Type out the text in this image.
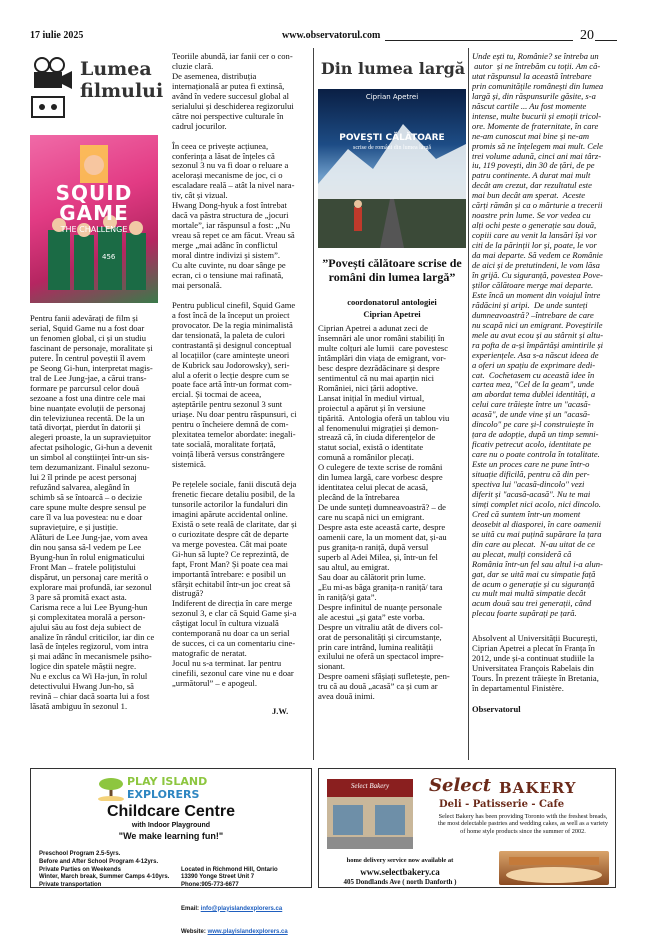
17 iulie 2025	www.observatorul.com	20
Lumea
filmului
SQUID
GAME
THE CHALLENGE
456

Pentru fanii adevărați de film și

serial, Squid Game nu a fost doar

un fenomen global, ci și un studiu

fascinant de personaje, moralitate și

putere. În centrul poveștii îl avem

pe Seong Gi-hun, interpretat magis-

tral de Lee Jung-jae, a cărui trans-

formare pe parcursul celor două

sezoane a fost una dintre cele mai

bine nuanțate evoluții de personaj

din televiziunea recentă. De la un

tată divorțat, pierdut în datorii și

alegeri proaste, la un supraviețuitor

afectat psihologic, Gi-hun a devenit

un simbol al conștiinței într-un sis-

tem dezumanizant. Finalul sezonu-

lui 2 îl prinde pe acest personaj

refuzând salvarea, alegând în

schimb să se întoarcă – o decizie

care spune multe despre sensul pe

care îl va lua povestea: nu e doar

supraviețuire, e și justiție.

Alături de Lee Jung-jae, vom avea

din nou șansa să-l vedem pe Lee

Byung-hun în rolul enigmaticului

Front Man – fratele polițistului

dispărut, un personaj care merită o

explorare mai profundă, iar sezonul

3 pare să promită exact asta.

Carisma rece a lui Lee Byung-hun

și complexitatea morală a person-

ajului său au fost deja subiect de

analize în rândul criticilor, iar din ce

lasă de înțeles regizorul, vom intra

și mai adânc în mecanismele psiho-

logice din spatele măștii negre.

Nu e exclus ca Wi Ha-jun, în rolul

detectivului Hwang Jun-ho, să

revină – chiar dacă soarta lui a fost

lăsată ambiguu în sezonul 1.

Teoriile abundă, iar fanii cer o con-

cluzie clară.

De asemenea, distribuția

internațională ar putea fi extinsă,

având în vedere succesul global al

serialului și deschiderea regizorului

către noi perspective culturale în

cadrul jocurilor.

În ceea ce privește acțiunea,

conferința a lăsat de înțeles că

sezonul 3 nu va fi doar o reluare a

acelorași mecanisme de joc, ci o

escaladare reală – atât la nivel nara-

tiv, cât și vizual.

Hwang Dong-hyuk a fost întrebat

dacă va păstra structura de „jocuri

mortale”, iar răspunsul a fost: ,,Nu

vreau să repet ce am făcut. Vreau să

merge „mai adânc în conflictul

moral dintre indivizi și sistem”.

Cu alte cuvinte, nu doar sânge pe

ecran, ci o tensiune mai rafinată,

mai personală.

Pentru publicul cinefil, Squid Game

a fost încă de la început un proiect

provocator. De la regia minimalistă

dar tensionată, la paleta de culori

contrastantă și designul conceptual

al locațiilor (care amintește uneori

de Kubrick sau Jodorowsky), seri-

alul a oferit o lecție despre cum se

poate face artă într-un format com-

ercial. Și tocmai de aceea,

așteptările pentru sezonul 3 sunt

uriașe. Nu doar pentru răspunsuri, ci

pentru o încheiere demnă de com-

plexitatea temelor abordate: inegali-

tate socială, moralitate forțată,

voință liberă versus constrângere

sistemică.

Pe rețelele sociale, fanii discută deja

frenetic fiecare detaliu posibil, de la

tunsorile actorilor la fundaluri din

imagini apărute accidental online.

Există o sete reală de claritate, dar și

o curiozitate despre cât de departe

va merge povestea. Cât mai poate

Gi-hun să lupte? Ce reprezintă, de

fapt, Front Man? Și poate cea mai

importantă întrebare: e posibil un

sfârșit echitabil într-un joc creat să

distrugă?

Indiferent de direcția în care merge

sezonul 3, e clar că Squid Game și-a

câștigat locul în cultura vizuală

contemporană nu doar ca un serial

de succes, ci ca un comentariu cine-

matografic de neratat.

Jocul nu s-a terminat. Iar pentru

cinefili, sezonul care vine nu e doar

„următorul” – e apogeul.

J.W.
Din lumea largă
Ciprian Apetrei
POVEȘTI CĂLĂTOARE
scrise de români din lumea largă
”Povești călătoare scrise de
români din lumea largă”
coordonatorul antologiei
Ciprian Apetrei

Ciprian Apetrei a adunat zeci de

însemnări ale unor români stabiliți în

multe colțuri ale lumii  care povestesc

întâmplări din viața de emigrant, vor-

besc despre dezrădăcinare și despre

sentimentul că nu mai aparțin nici

României, nici țării adoptive.

Lansat inițial în mediul virtual,

proiectul a apărut și în versiune

tipărită.  Antologia oferă un tablou viu

al fenomenului migrației și demon-

strează că, în ciuda diferențelor de

statut social, există o identitate

comună a românilor plecați.

O culegere de texte scrise de români

din lumea largă, care vorbesc despre

identitatea celui plecat de acasă,

plecând de la întrebarea

De unde sunteți dumneavoastră? – de

care nu scapă nici un emigrant.

Despre asta este această carte, despre

oamenii care, la un moment dat, și-au

pus granița-n raniță, după versul

superb al Adei Milea, și, într-un fel

sau altul, au emigrat.

Sau doar au călătorit prin lume.

„Eu mi-as băga granița-n raniță/ tara

în raniță/și gata”.

Despre infinitul de nuanțe personale

ale acestui „și gata” este vorba.

Despre un vitraliu atât de divers col-

orat de personalități și circumstanțe,

prin care intrând, lumina realității

exilului ne oferă un spectacol impre-

sionant.

Despre oameni sfâșiați sufletește, pen-

tru că au două „acasă” ca și cum ar

avea două inimi.

Unde ești tu, Românie? se întreba un

autor  și ne întrebăm cu toții. Am că-

utat răspunsul la această întrebare

prin comunitățile românești din lumea

largă și, din răspunsurile găsite, s-a

născut cartile ... Au fost momente

intense, multe bucurii și emoții tricol-

ore. Momente de fraternitate, în care

ne-am cunoscut mai bine și ne-am

promis să ne înțelegem mai mult. Cele

trei volume adună, cinci ani mai târz-

iu, 119 povești, din 30 de țări, de pe

patru continente. A durat mai mult

decât am crezut, dar rezultatul este

mai bun decât am sperat.  Aceste

cărți rămân și ca o mărturie a trecerii

noastre prin lume. Se vor vedea cu

alți ochi peste o generație sau două,

copiii care au venit la lansări își vor

citi de la părinții lor și, poate, le vor

da mai departe. Să vedem ce Românie

de aici și de pretutindeni, le vom lăsa

în grijă. Cu siguranță, povestea Pove-

știlor călătoare merge mai departe.

Este încă un moment din voiajul între

rădăcini și aripi.  De unde sunteți

dumneavoastră? –întrebare de care

nu scapă nici un emigrant. Poveștirile

mele au avut ecou și au stârnit și altu-

ra pofta de a-și împărtăși amintirile și

experiențele. Asa s-a născut ideea de

a oferi un spațiu de exprimare dedi-

cat.  Cochetasem cu această idee în

cartea mea, "Cel de la geam", unde

am abordat tema dublei identități, a

celui care trăiește între un "acasă-

acasă", de unde vine și un "acasă-

dincolo" pe care și-l construiește în

țara de adopție, după un timp semni-

ficativ petrecut acolo, identitate pe

care nu o poate controla în totalitate.

Este un proces care ne pune într-o

situație dificilă, pentru că din per-

spectiva lui "acasă-dincolo" vezi

diferit și "acasă-acasă". Nu te mai

simți complet nici acolo, nici dincolo.

Cred că suntem într-un moment

deosebit al diasporei, în care oamenii

se uită cu mai puțină supărare la țara

din care au plecat.  N-au uitat de ce

au plecat, mulți considerã că

România într-un fel sau altul i-a alun-

gat, dar se uită mai cu simpatie față

de acum o generație și cu siguranță

cu mult mai multă simpatie decât

acum două sau trei generații, când

plecau foarte supărați pe țară.

Absolvent al Universității București,

Ciprian Apetrei a plecat în Franța în

2012, unde și-a continuat studiile la

Universitatea François Rabelais din

Tours. În prezent trăiește în Bretania,

în departamentul Finistère.

Observatorul
PLAY ISLAND
EXPLORERS
Childcare Centre
with Indoor Playground
"We make learning fun!"

Preschool Program 2.5-5yrs.

Before and After School Program 4-12yrs.

Private Parties on Weekends

Winter, March break, Summer Camps 4-10yrs.

Private transportation

Located in Richmond Hill, Ontario

13390 Yonge Street Unit 7

Phone:905-773-6677

Email: info@playislandexplorers.ca

Website: www.playislandexplorers.ca

Select Bakery	Select BAKERY
Deli - Patisserie - Cafe
Select Bakery has been providing Toronto with the freshest breads, the most delectable pastries and wedding cakes, as well as a variety of home style products since the summer of 2002.
home delivery service now available at
www.selectbakery.ca
405 Dondlands Ave ( north Danforth )
